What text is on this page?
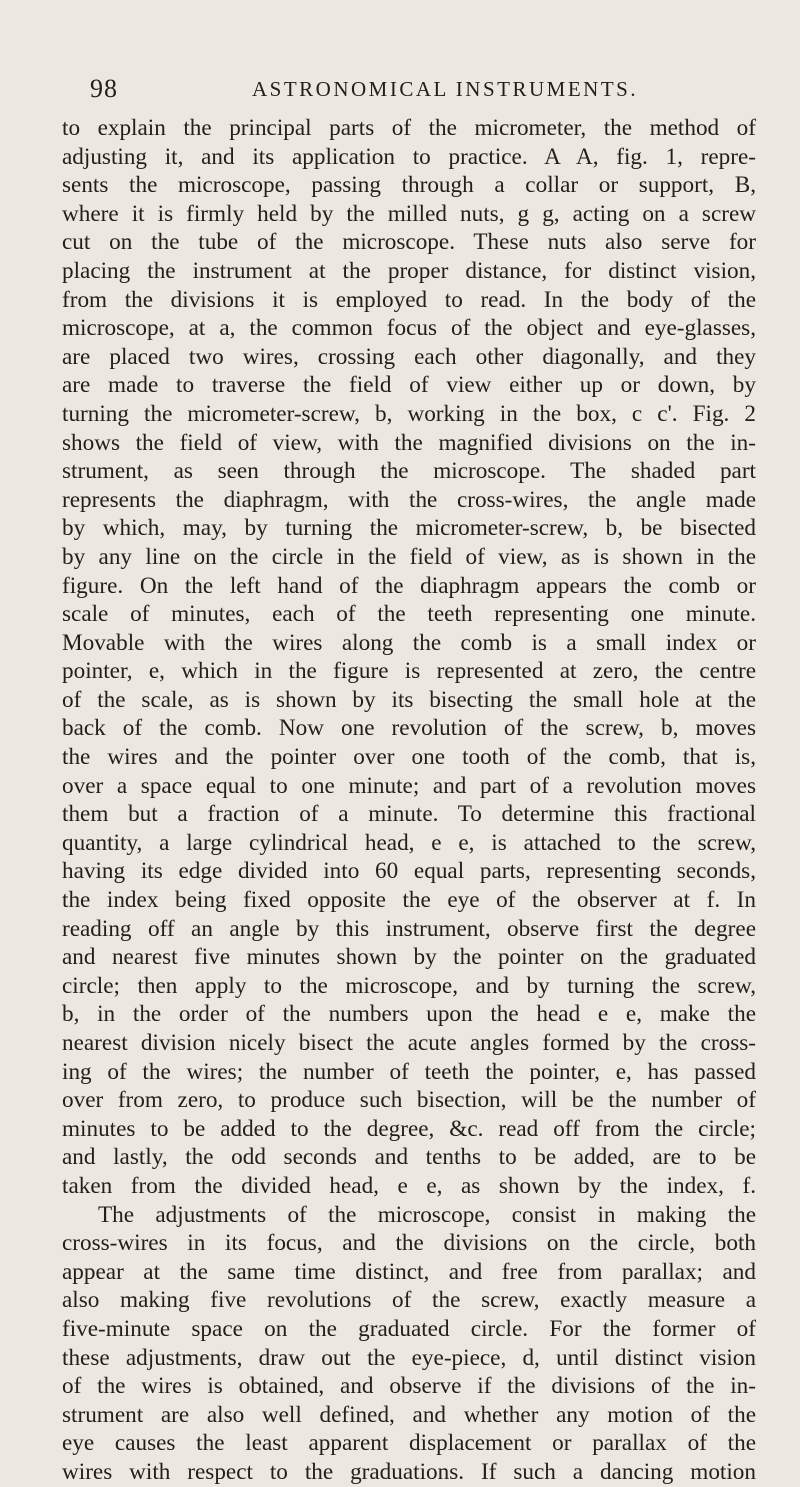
98	ASTRONOMICAL INSTRUMENTS.
to explain the principal parts of the micrometer, the method of
adjusting it, and its application to practice. A A, fig. 1, repre-
sents the microscope, passing through a collar or support, B,
where it is firmly held by the milled nuts, g g, acting on a screw
cut on the tube of the microscope. These nuts also serve for
placing the instrument at the proper distance, for distinct vision,
from the divisions it is employed to read. In the body of the
microscope, at a, the common focus of the object and eye-glasses,
are placed two wires, crossing each other diagonally, and they
are made to traverse the field of view either up or down, by
turning the micrometer-screw, b, working in the box, c c'. Fig. 2
shows the field of view, with the magnified divisions on the in-
strument, as seen through the microscope. The shaded part
represents the diaphragm, with the cross-wires, the angle made
by which, may, by turning the micrometer-screw, b, be bisected
by any line on the circle in the field of view, as is shown in the
figure. On the left hand of the diaphragm appears the comb or
scale of minutes, each of the teeth representing one minute.
Movable with the wires along the comb is a small index or
pointer, e, which in the figure is represented at zero, the centre
of the scale, as is shown by its bisecting the small hole at the
back of the comb. Now one revolution of the screw, b, moves
the wires and the pointer over one tooth of the comb, that is,
over a space equal to one minute; and part of a revolution moves
them but a fraction of a minute. To determine this fractional
quantity, a large cylindrical head, e e, is attached to the screw,
having its edge divided into 60 equal parts, representing seconds,
the index being fixed opposite the eye of the observer at f. In
reading off an angle by this instrument, observe first the degree
and nearest five minutes shown by the pointer on the graduated
circle; then apply to the microscope, and by turning the screw,
b, in the order of the numbers upon the head e e, make the
nearest division nicely bisect the acute angles formed by the cross-
ing of the wires; the number of teeth the pointer, e, has passed
over from zero, to produce such bisection, will be the number of
minutes to be added to the degree, &c. read off from the circle;
and lastly, the odd seconds and tenths to be added, are to be
taken from the divided head, e e, as shown by the index, f.
The adjustments of the microscope, consist in making the
cross-wires in its focus, and the divisions on the circle, both
appear at the same time distinct, and free from parallax; and
also making five revolutions of the screw, exactly measure a
five-minute space on the graduated circle. For the former of
these adjustments, draw out the eye-piece, d, until distinct vision
of the wires is obtained, and observe if the divisions of the in-
strument are also well defined, and whether any motion of the
eye causes the least apparent displacement or parallax of the
wires with respect to the graduations. If such a dancing motion
